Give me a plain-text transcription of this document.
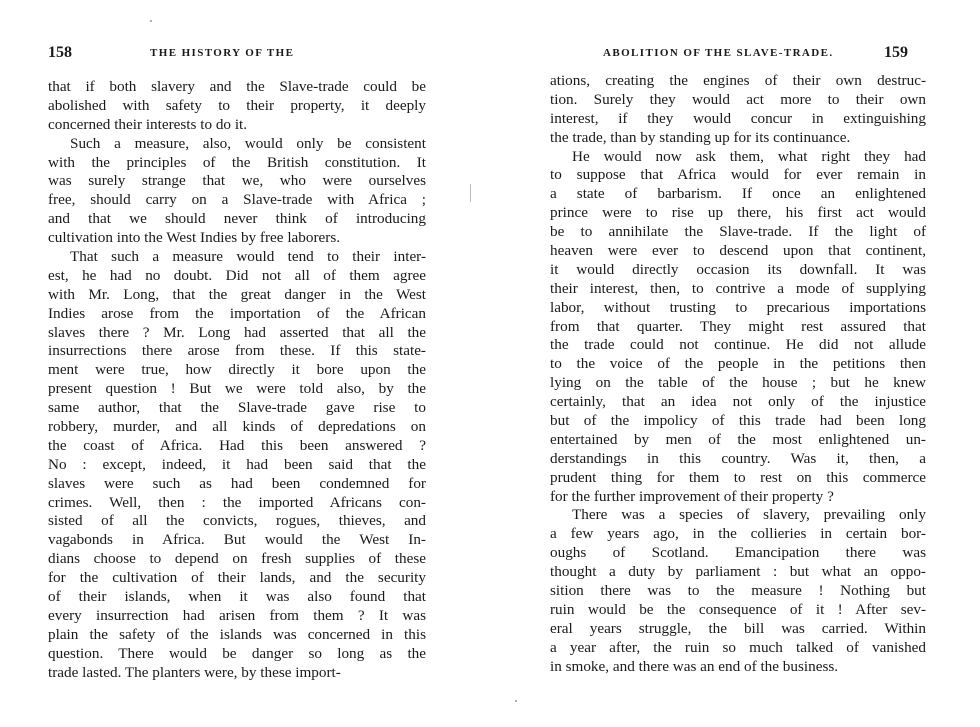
158	THE HISTORY OF THE
that if both slavery and the Slave-trade could be
abolished with safety to their property, it deeply
concerned their interests to do it.
Such a measure, also, would only be consistent
with the principles of the British constitution. It
was surely strange that we, who were ourselves
free, should carry on a Slave-trade with Africa ;
and that we should never think of introducing
cultivation into the West Indies by free laborers.
That such a measure would tend to their inter-
est, he had no doubt. Did not all of them agree
with Mr. Long, that the great danger in the West
Indies arose from the importation of the African
slaves there ? Mr. Long had asserted that all the
insurrections there arose from these. If this state-
ment were true, how directly it bore upon the
present question ! But we were told also, by the
same author, that the Slave-trade gave rise to
robbery, murder, and all kinds of depredations on
the coast of Africa. Had this been answered ?
No : except, indeed, it had been said that the
slaves were such as had been condemned for
crimes. Well, then : the imported Africans con-
sisted of all the convicts, rogues, thieves, and
vagabonds in Africa. But would the West In-
dians choose to depend on fresh supplies of these
for the cultivation of their lands, and the security
of their islands, when it was also found that
every insurrection had arisen from them ? It was
plain the safety of the islands was concerned in this
question. There would be danger so long as the
trade lasted. The planters were, by these import-
ABOLITION OF THE SLAVE-TRADE.	159
ations, creating the engines of their own destruc-
tion. Surely they would act more to their own
interest, if they would concur in extinguishing
the trade, than by standing up for its continuance.
He would now ask them, what right they had
to suppose that Africa would for ever remain in
a state of barbarism. If once an enlightened
prince were to rise up there, his first act would
be to annihilate the Slave-trade. If the light of
heaven were ever to descend upon that continent,
it would directly occasion its downfall. It was
their interest, then, to contrive a mode of supplying
labor, without trusting to precarious importations
from that quarter. They might rest assured that
the trade could not continue. He did not allude
to the voice of the people in the petitions then
lying on the table of the house ; but he knew
certainly, that an idea not only of the injustice
but of the impolicy of this trade had been long
entertained by men of the most enlightened un-
derstandings in this country. Was it, then, a
prudent thing for them to rest on this commerce
for the further improvement of their property ?
There was a species of slavery, prevailing only
a few years ago, in the collieries in certain bor-
oughs of Scotland. Emancipation there was
thought a duty by parliament : but what an oppo-
sition there was to the measure ! Nothing but
ruin would be the consequence of it ! After sev-
eral years struggle, the bill was carried. Within
a year after, the ruin so much talked of vanished
in smoke, and there was an end of the business.
